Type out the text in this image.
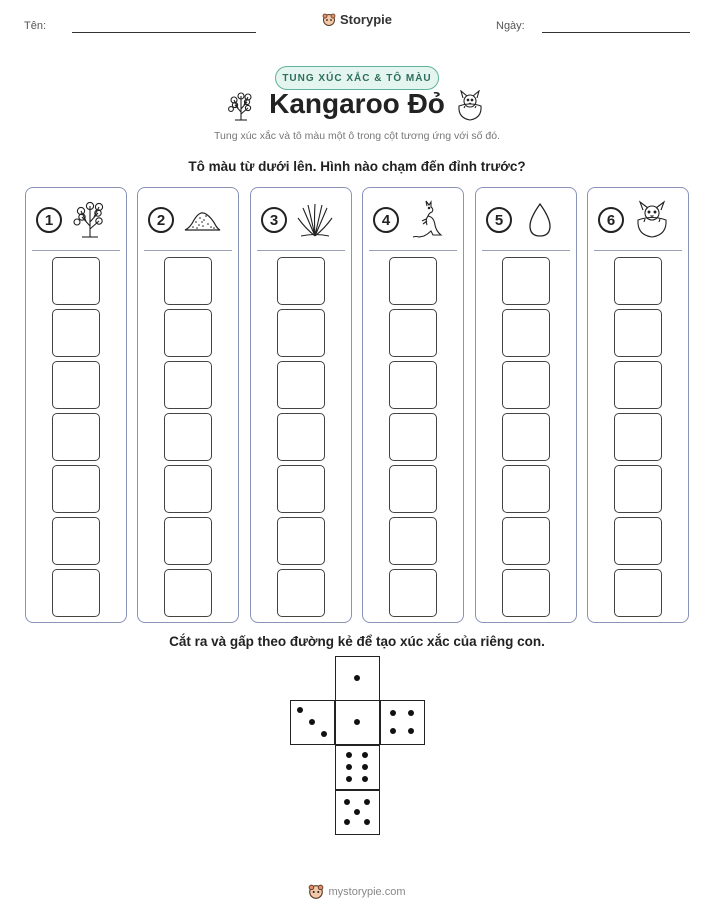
Tên:	Storypie	Ngày:
TUNG XÚC XẮC & TÔ MÀU
Kangaroo Đỏ
Tung xúc xắc và tô màu một ô trong cột tương ứng với số đó.
Tô màu từ dưới lên. Hình nào chạm đến đỉnh trước?
1	2	3	4	5	6
Cắt ra và gấp theo đường kẻ để tạo xúc xắc của riêng con.
mystorypie.com
